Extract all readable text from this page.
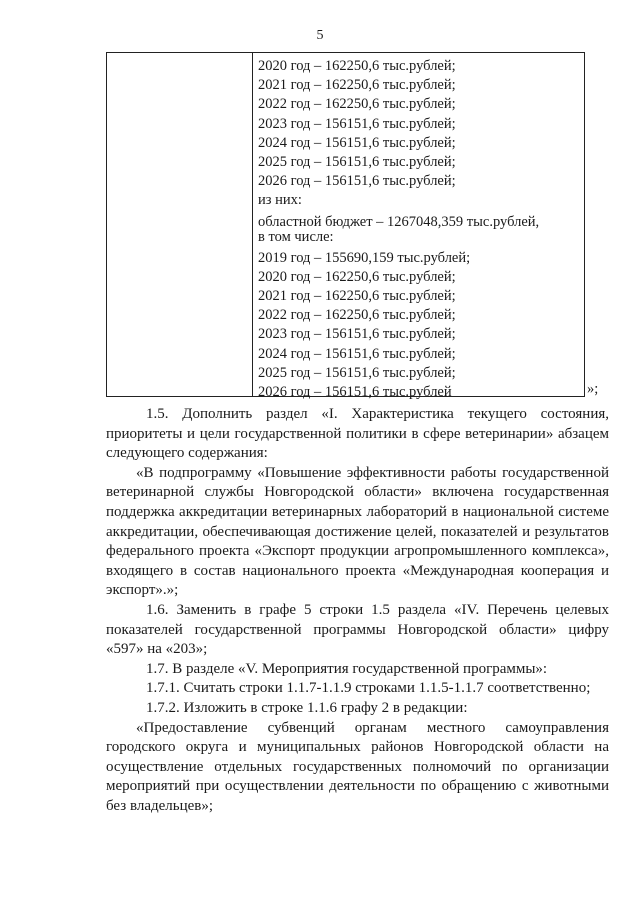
5
2020 год – 162250,6 тыс.рублей;
2021 год – 162250,6 тыс.рублей;
2022 год – 162250,6 тыс.рублей;
2023 год – 156151,6 тыс.рублей;
2024 год – 156151,6 тыс.рублей;
2025 год – 156151,6 тыс.рублей;
2026 год – 156151,6 тыс.рублей;
из них:
областной бюджет – 1267048,359 тыс.рублей,
в том числе:
2019 год – 155690,159 тыс.рублей;
2020 год – 162250,6 тыс.рублей;
2021 год – 162250,6 тыс.рублей;
2022 год – 162250,6 тыс.рублей;
2023 год – 156151,6 тыс.рублей;
2024 год – 156151,6 тыс.рублей;
2025 год – 156151,6 тыс.рублей;
2026 год – 156151,6 тыс.рублей	»;

1.5. Дополнить раздел «I. Характеристика текущего состояния, приоритеты и цели государственной политики в сфере ветеринарии» абзацем следующего содержания:

«В подпрограмму «Повышение эффективности работы государственной ветеринарной службы Новгородской области» включена государственная поддержка аккредитации ветеринарных лабораторий в национальной системе аккредитации, обеспечивающая достижение целей, показателей и результатов федерального проекта «Экспорт продукции агропромышленного комплекса», входящего в состав национального проекта «Международная кооперация и экспорт».»;

1.6. Заменить в графе 5 строки 1.5 раздела «IV. Перечень целевых показателей государственной программы Новгородской области» цифру «597» на «203»;

1.7. В разделе «V. Мероприятия государственной программы»:

1.7.1. Считать строки 1.1.7-1.1.9 строками 1.1.5-1.1.7 соответственно;

1.7.2. Изложить в строке 1.1.6 графу 2 в редакции:

«Предоставление субвенций органам местного самоуправления городского округа и муниципальных районов Новгородской области на осуществление отдельных государственных полномочий по организации мероприятий при осуществлении деятельности по обращению с животными без владельцев»;
